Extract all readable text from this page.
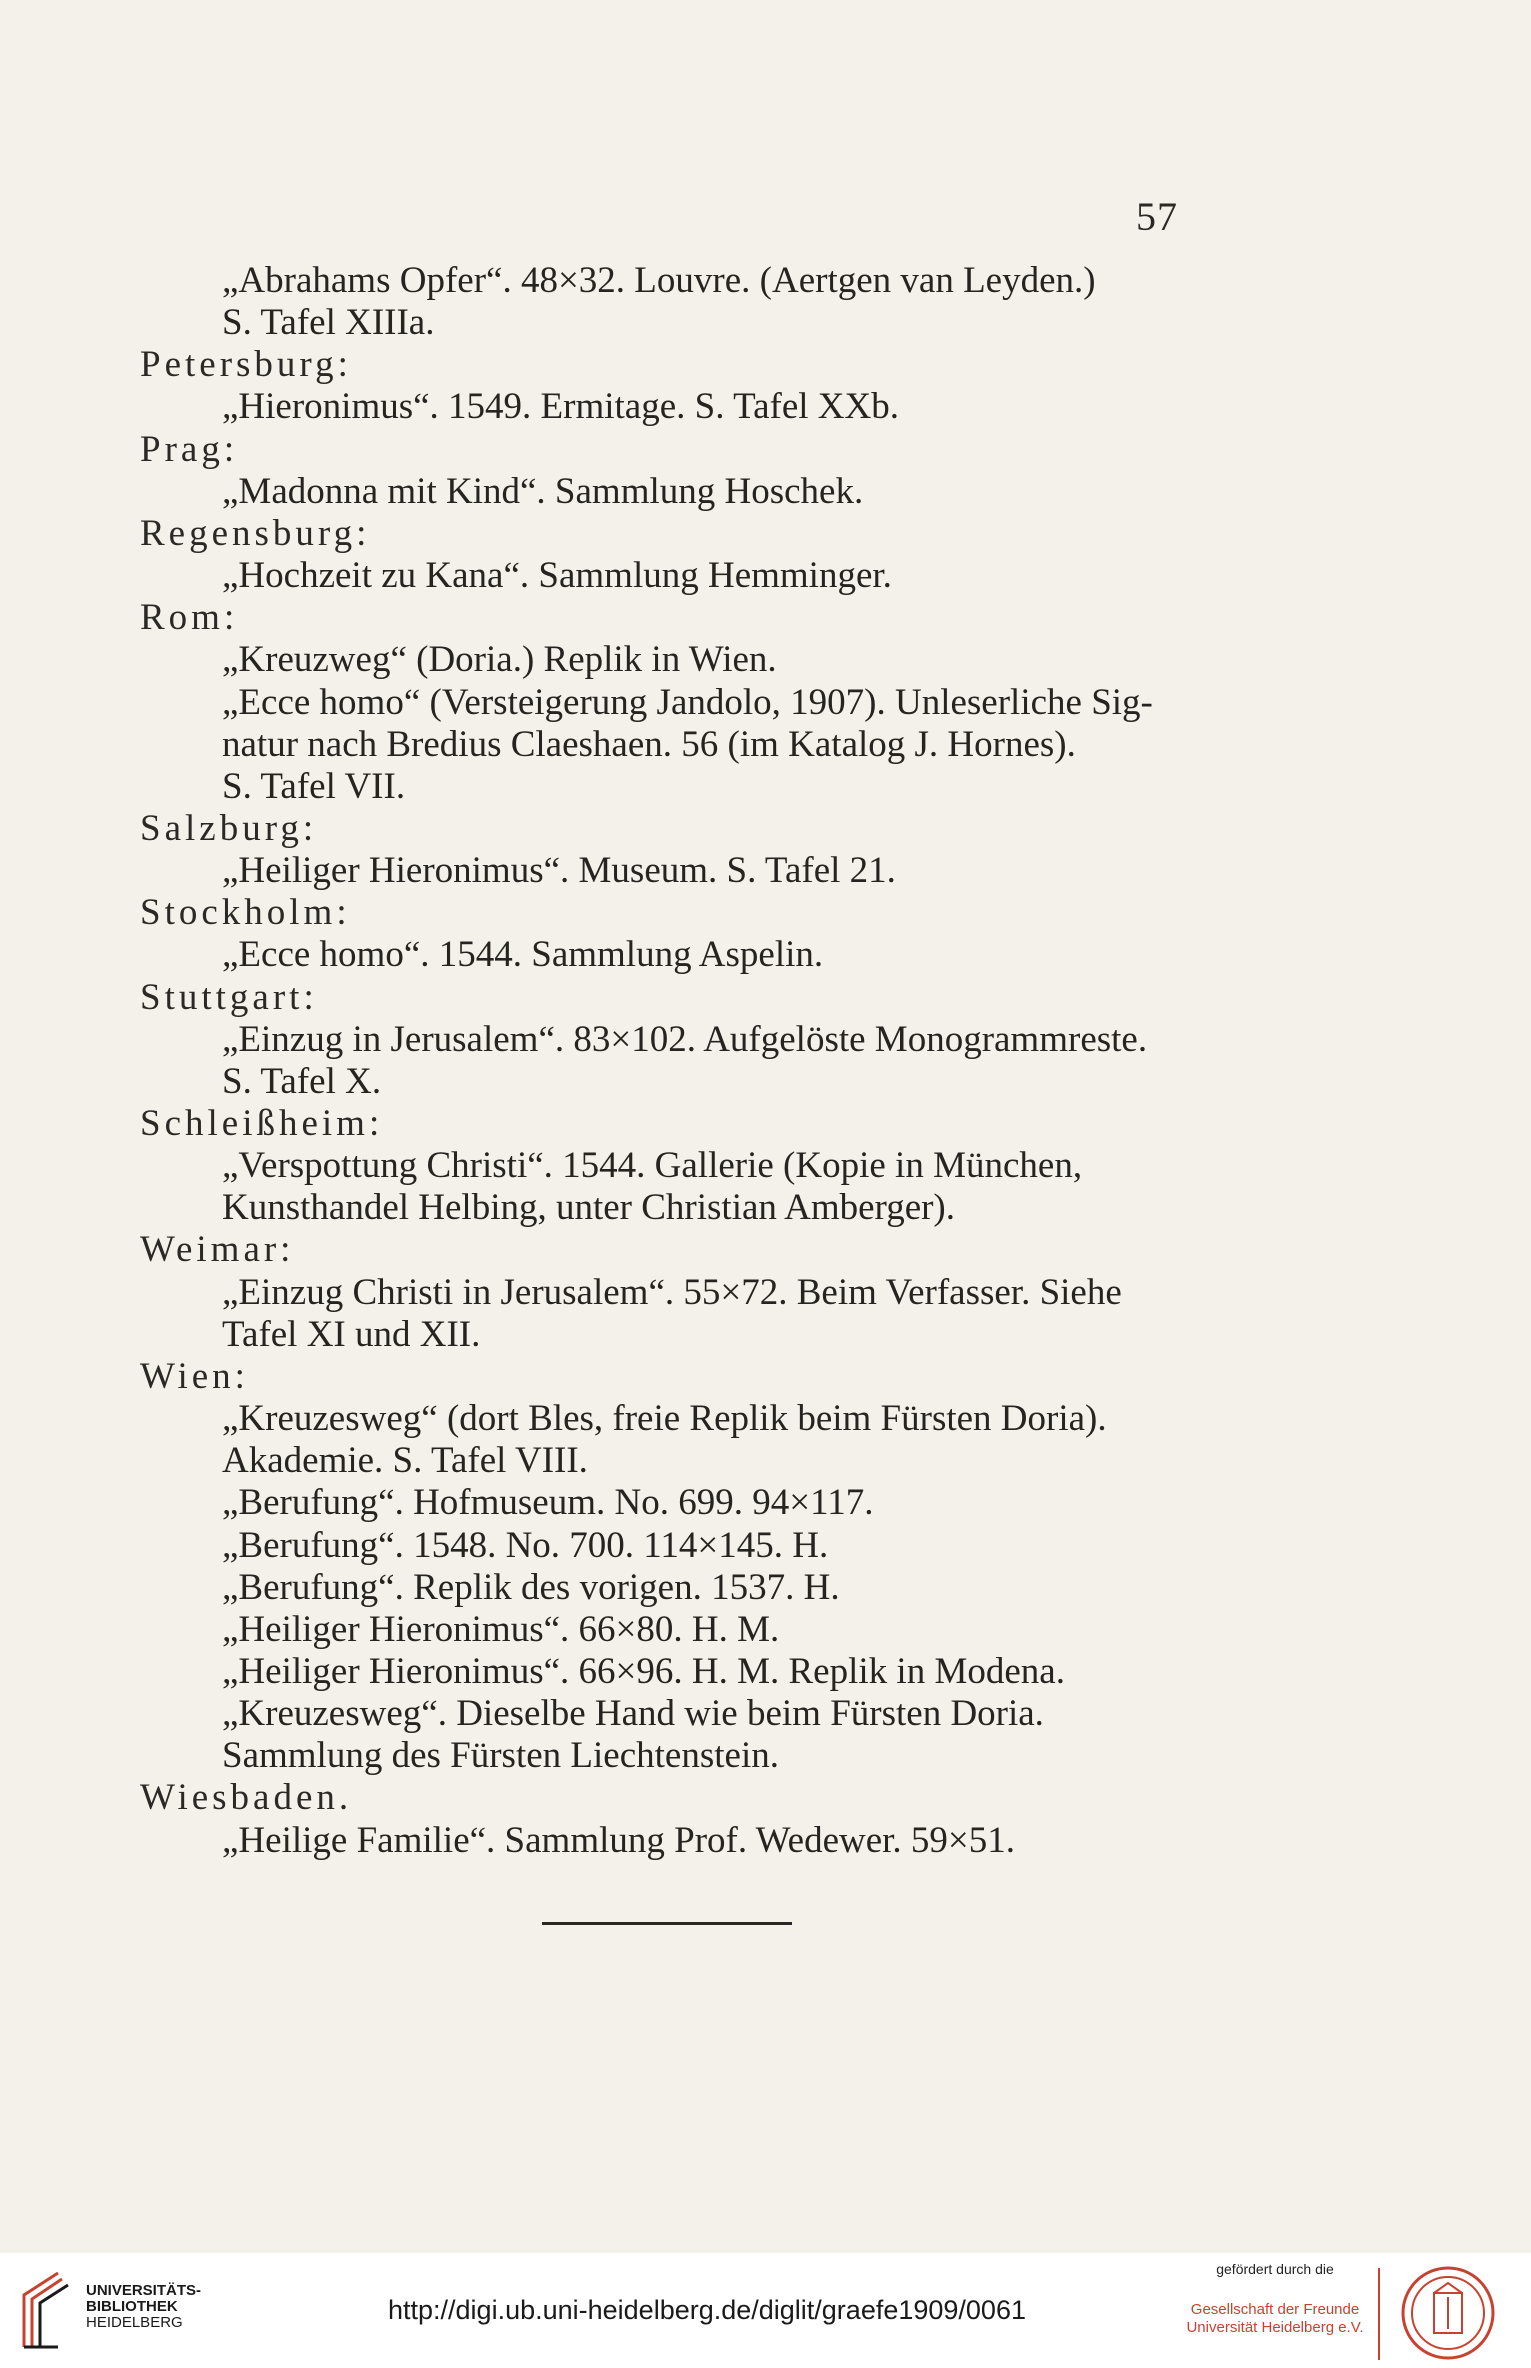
57
„Abrahams Opfer“. 48×32. Louvre. (Aertgen van Leyden.)
S. Tafel XIIIa.
Petersburg:
„Hieronimus“. 1549. Ermitage. S. Tafel XXb.
Prag:
„Madonna mit Kind“. Sammlung Hoschek.
Regensburg:
„Hochzeit zu Kana“. Sammlung Hemminger.
Rom:
„Kreuzweg“ (Doria.) Replik in Wien.
„Ecce homo“ (Versteigerung Jandolo, 1907). Unleserliche Sig-
natur nach Bredius Claeshaen. 56 (im Katalog J. Hornes).
S. Tafel VII.
Salzburg:
„Heiliger Hieronimus“. Museum. S. Tafel 21.
Stockholm:
„Ecce homo“. 1544. Sammlung Aspelin.
Stuttgart:
„Einzug in Jerusalem“. 83×102. Aufgelöste Monogrammreste.
S. Tafel X.
Schleißheim:
„Verspottung Christi“. 1544. Gallerie (Kopie in München,
Kunsthandel Helbing, unter Christian Amberger).
Weimar:
„Einzug Christi in Jerusalem“. 55×72. Beim Verfasser. Siehe
Tafel XI und XII.
Wien:
„Kreuzesweg“ (dort Bles, freie Replik beim Fürsten Doria).
Akademie. S. Tafel VIII.
„Berufung“. Hofmuseum. No. 699. 94×117.
„Berufung“. 1548. No. 700. 114×145. H.
„Berufung“. Replik des vorigen. 1537. H.
„Heiliger Hieronimus“. 66×80. H. M.
„Heiliger Hieronimus“. 66×96. H. M. Replik in Modena.
„Kreuzesweg“. Dieselbe Hand wie beim Fürsten Doria.
Sammlung des Fürsten Liechtenstein.
Wiesbaden.
„Heilige Familie“. Sammlung Prof. Wedewer. 59×51.
UNIVERSITÄTS-
BIBLIOTHEK
HEIDELBERG	http://digi.ub.uni-heidelberg.de/diglit/graefe1909/0061
gefördert durch die
Gesellschaft der Freunde
Universität Heidelberg e.V.
